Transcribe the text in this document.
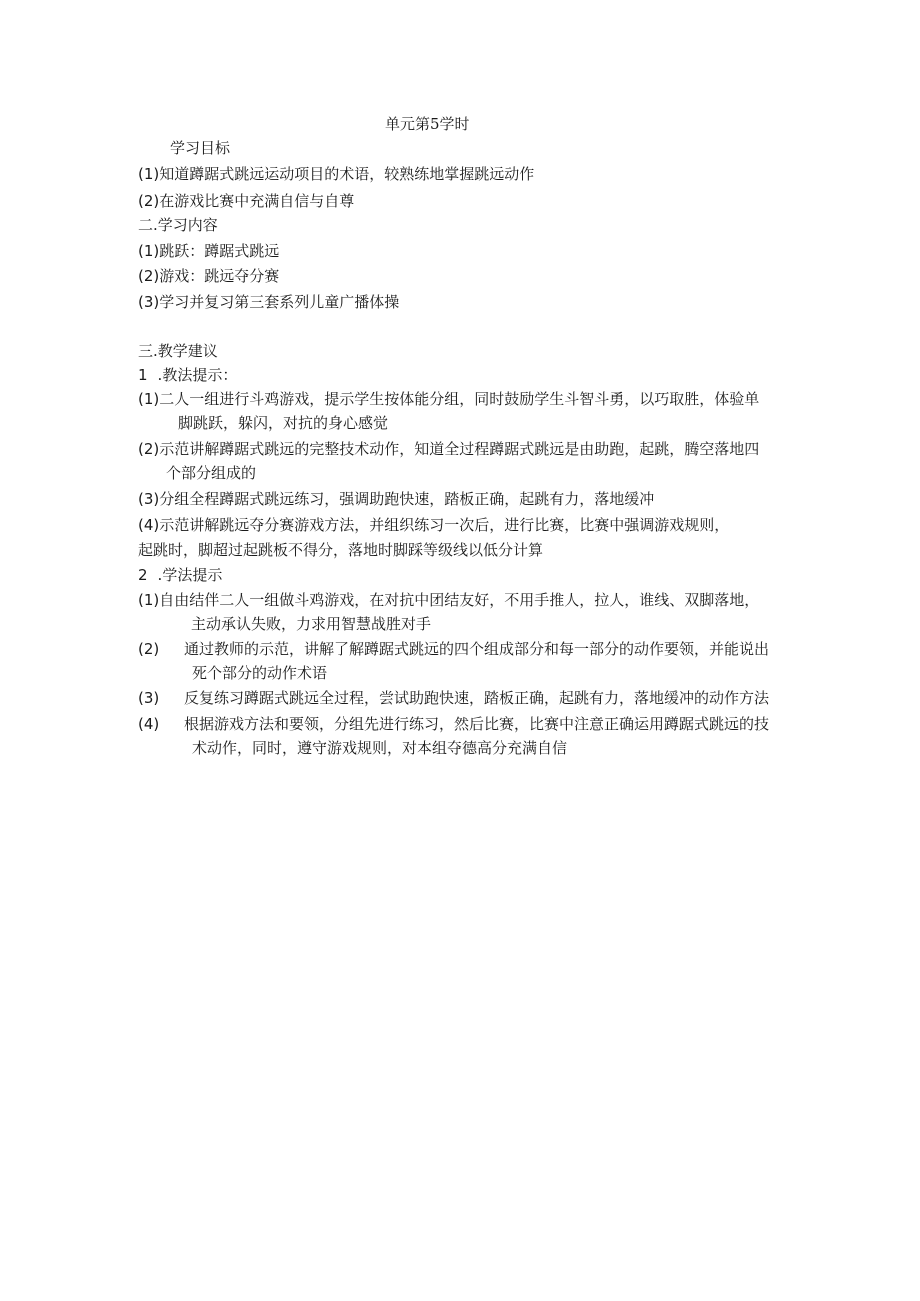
单元第5学时
学习目标
(1)知道蹲踞式跳远运动项目的术语，较熟练地掌握跳远动作
(2)在游戏比赛中充满自信与自尊
二.学习内容
(1)跳跃：蹲踞式跳远
(2)游戏：跳远夺分赛
(3)学习并复习第三套系列儿童广播体操
三.教学建议
1 .教法提示：
(1)二人一组进行斗鸡游戏，提示学生按体能分组，同时鼓励学生斗智斗勇，以巧取胜，体验单
脚跳跃，躲闪，对抗的身心感觉
(2)示范讲解蹲踞式跳远的完整技术动作，知道全过程蹲踞式跳远是由助跑，起跳，腾空落地四
个部分组成的
(3)分组全程蹲踞式跳远练习，强调助跑快速，踏板正确，起跳有力，落地缓冲
(4)示范讲解跳远夺分赛游戏方法，并组织练习一次后，进行比赛，比赛中强调游戏规则，
起跳时，脚超过起跳板不得分，落地时脚踩等级线以低分计算
2 .学法提示
(1)自由结伴二人一组做斗鸡游戏，在对抗中团结友好，不用手推人，拉人，谁线、双脚落地，
主动承认失败，力求用智慧战胜对手
(2) 通过教师的示范，讲解了解蹲踞式跳远的四个组成部分和每一部分的动作要领，并能说出
死个部分的动作术语
(3) 反复练习蹲踞式跳远全过程，尝试助跑快速，踏板正确，起跳有力，落地缓冲的动作方法
(4) 根据游戏方法和要领，分组先进行练习，然后比赛，比赛中注意正确运用蹲踞式跳远的技
术动作，同时，遵守游戏规则，对本组夺德高分充满自信
